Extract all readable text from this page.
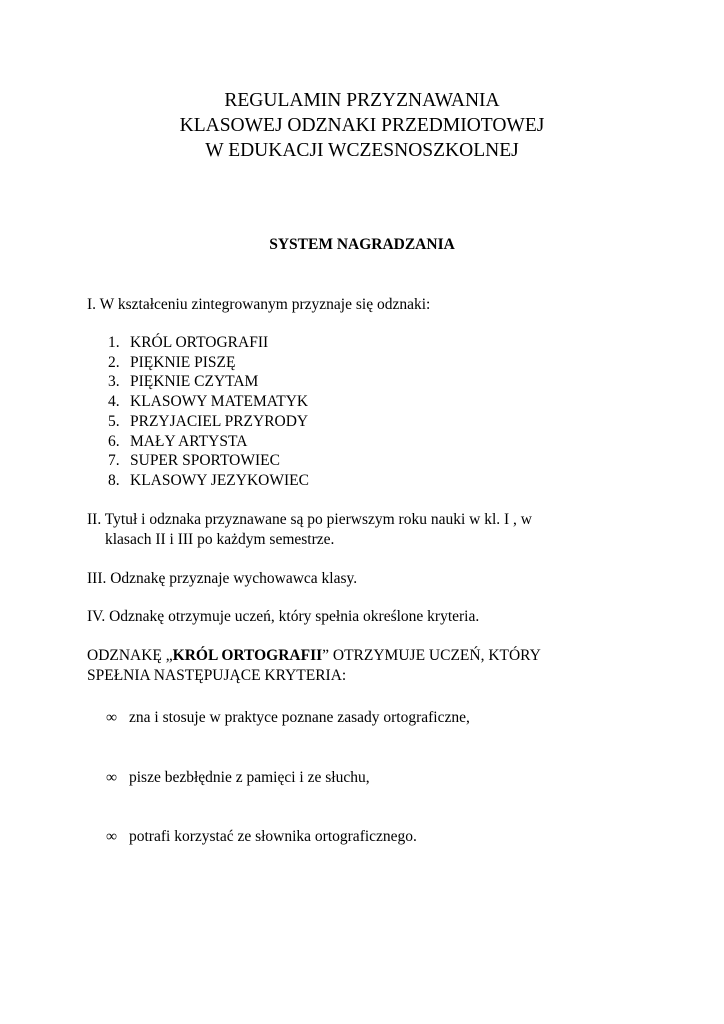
REGULAMIN PRZYZNAWANIA
KLASOWEJ ODZNAKI PRZEDMIOTOWEJ
W EDUKACJI WCZESNOSZKOLNEJ
SYSTEM NAGRADZANIA
I. W kształceniu zintegrowanym przyznaje się odznaki:
1. KRÓL ORTOGRAFII
2. PIĘKNIE PISZĘ
3. PIĘKNIE CZYTAM
4. KLASOWY MATEMATYK
5. PRZYJACIEL PRZYRODY
6. MAŁY ARTYSTA
7. SUPER SPORTOWIEC
8. KLASOWY JEZYKOWIEC
II. Tytuł i odznaka przyznawane są po pierwszym roku nauki w kl. I , w
klasach II i III po każdym semestrze.
III. Odznakę przyznaje wychowawca klasy.
IV. Odznakę otrzymuje uczeń, który spełnia określone kryteria.
ODZNAKĘ „KRÓL ORTOGRAFII” OTRZYMUJE UCZEŃ, KTÓRY
SPEŁNIA NASTĘPUJĄCE KRYTERIA:
∞ zna i stosuje w praktyce poznane zasady ortograficzne,
∞ pisze bezbłędnie z pamięci i ze słuchu,
∞ potrafi korzystać ze słownika ortograficznego.
